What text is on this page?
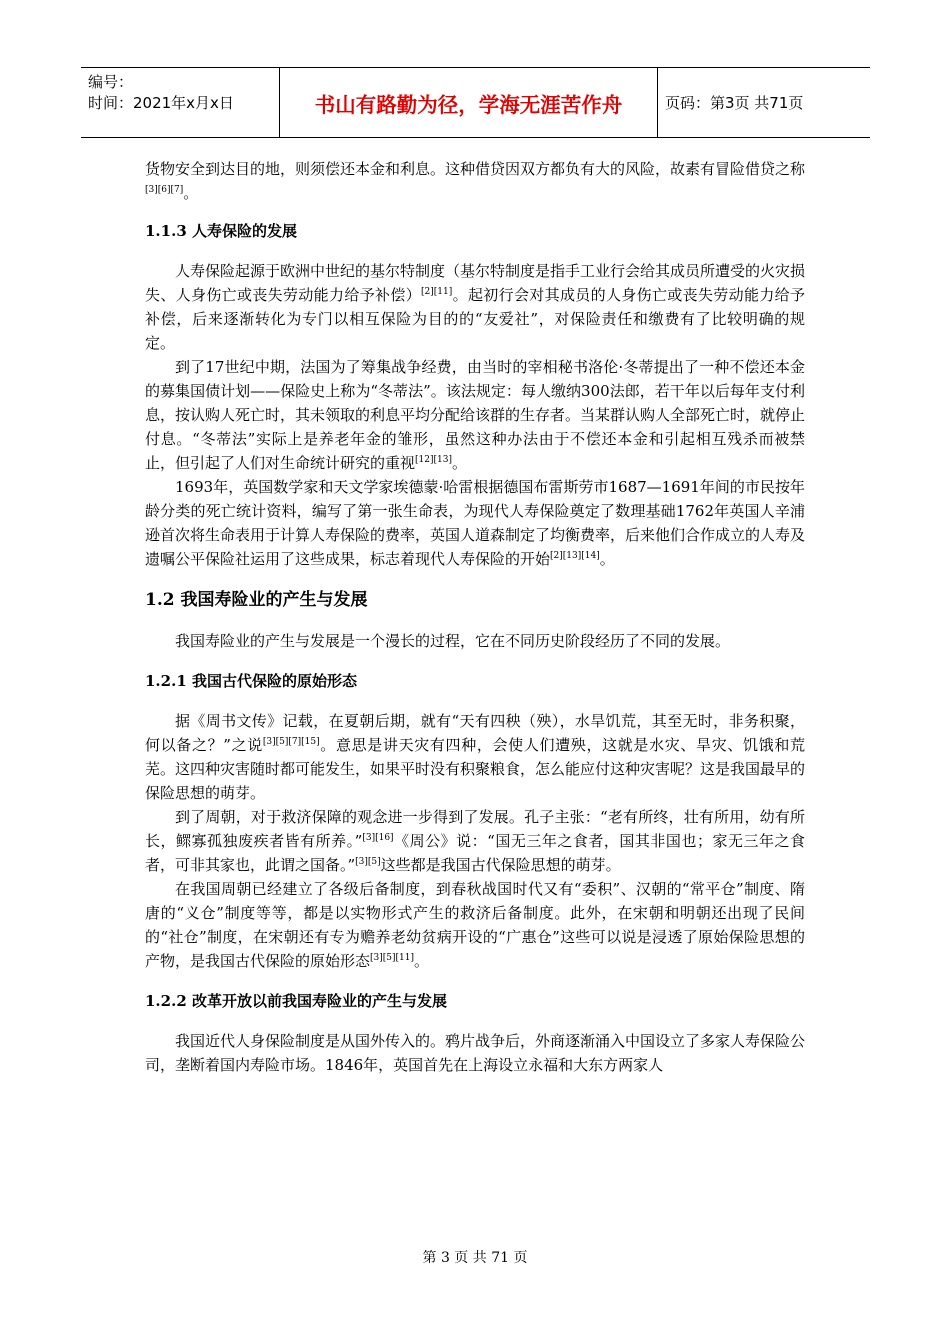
编号：
时间：2021年x月x日	书山有路勤为径，学海无涯苦作舟	页码：第3页 共71页

货物安全到达目的地，则须偿还本金和利息。这种借贷因双方都负有大的风险，故素有冒险借贷之称[3][6][7]。

1.1.3 人寿保险的发展

人寿保险起源于欧洲中世纪的基尔特制度（基尔特制度是指手工业行会给其成员所遭受的火灾损失、人身伤亡或丧失劳动能力给予补偿）[2][11]。起初行会对其成员的人身伤亡或丧失劳动能力给予补偿，后来逐渐转化为专门以相互保险为目的的“友爱社”，对保险责任和缴费有了比较明确的规定。

到了17世纪中期，法国为了筹集战争经费，由当时的宰相秘书洛伦·冬蒂提出了一种不偿还本金的募集国债计划——保险史上称为“冬蒂法”。该法规定：每人缴纳300法郎，若干年以后每年支付利息，按认购人死亡时，其未领取的利息平均分配给该群的生存者。当某群认购人全部死亡时，就停止付息。“冬蒂法”实际上是养老年金的雏形，虽然这种办法由于不偿还本金和引起相互残杀而被禁止，但引起了人们对生命统计研究的重视[12][13]。

1693年，英国数学家和天文学家埃德蒙·哈雷根据德国布雷斯劳市1687—1691年间的市民按年龄分类的死亡统计资料，编写了第一张生命表，为现代人寿保险奠定了数理基础1762年英国人辛浦逊首次将生命表用于计算人寿保险的费率，英国人道森制定了均衡费率，后来他们合作成立的人寿及遗嘱公平保险社运用了这些成果，标志着现代人寿保险的开始[2][13][14]。

1.2 我国寿险业的产生与发展

我国寿险业的产生与发展是一个漫长的过程，它在不同历史阶段经历了不同的发展。

1.2.1 我国古代保险的原始形态

据《周书文传》记载，在夏朝后期，就有“天有四秧（殃），水旱饥荒，其至无时，非务积聚，何以备之？”之说[3][5][7][15]。意思是讲天灾有四种，会使人们遭殃，这就是水灾、旱灾、饥饿和荒芜。这四种灾害随时都可能发生，如果平时没有积聚粮食，怎么能应付这种灾害呢？这是我国最早的保险思想的萌芽。

到了周朝，对于救济保障的观念进一步得到了发展。孔子主张：“老有所终，壮有所用，幼有所长，鳏寡孤独废疾者皆有所养。”[3][16]《周公》说：“国无三年之食者，国其非国也；家无三年之食者，可非其家也，此谓之国备。”[3][5]这些都是我国古代保险思想的萌芽。

在我国周朝已经建立了各级后备制度，到春秋战国时代又有“委积”、汉朝的“常平仓”制度、隋唐的“义仓”制度等等，都是以实物形式产生的救济后备制度。此外，在宋朝和明朝还出现了民间的“社仓”制度，在宋朝还有专为赡养老幼贫病开设的“广惠仓”这些可以说是浸透了原始保险思想的产物，是我国古代保险的原始形态[3][5][11]。

1.2.2 改革开放以前我国寿险业的产生与发展

我国近代人身保险制度是从国外传入的。鸦片战争后，外商逐渐涌入中国设立了多家人寿保险公司，垄断着国内寿险市场。1846年，英国首先在上海设立永福和大东方两家人

第 3 页 共 71 页
